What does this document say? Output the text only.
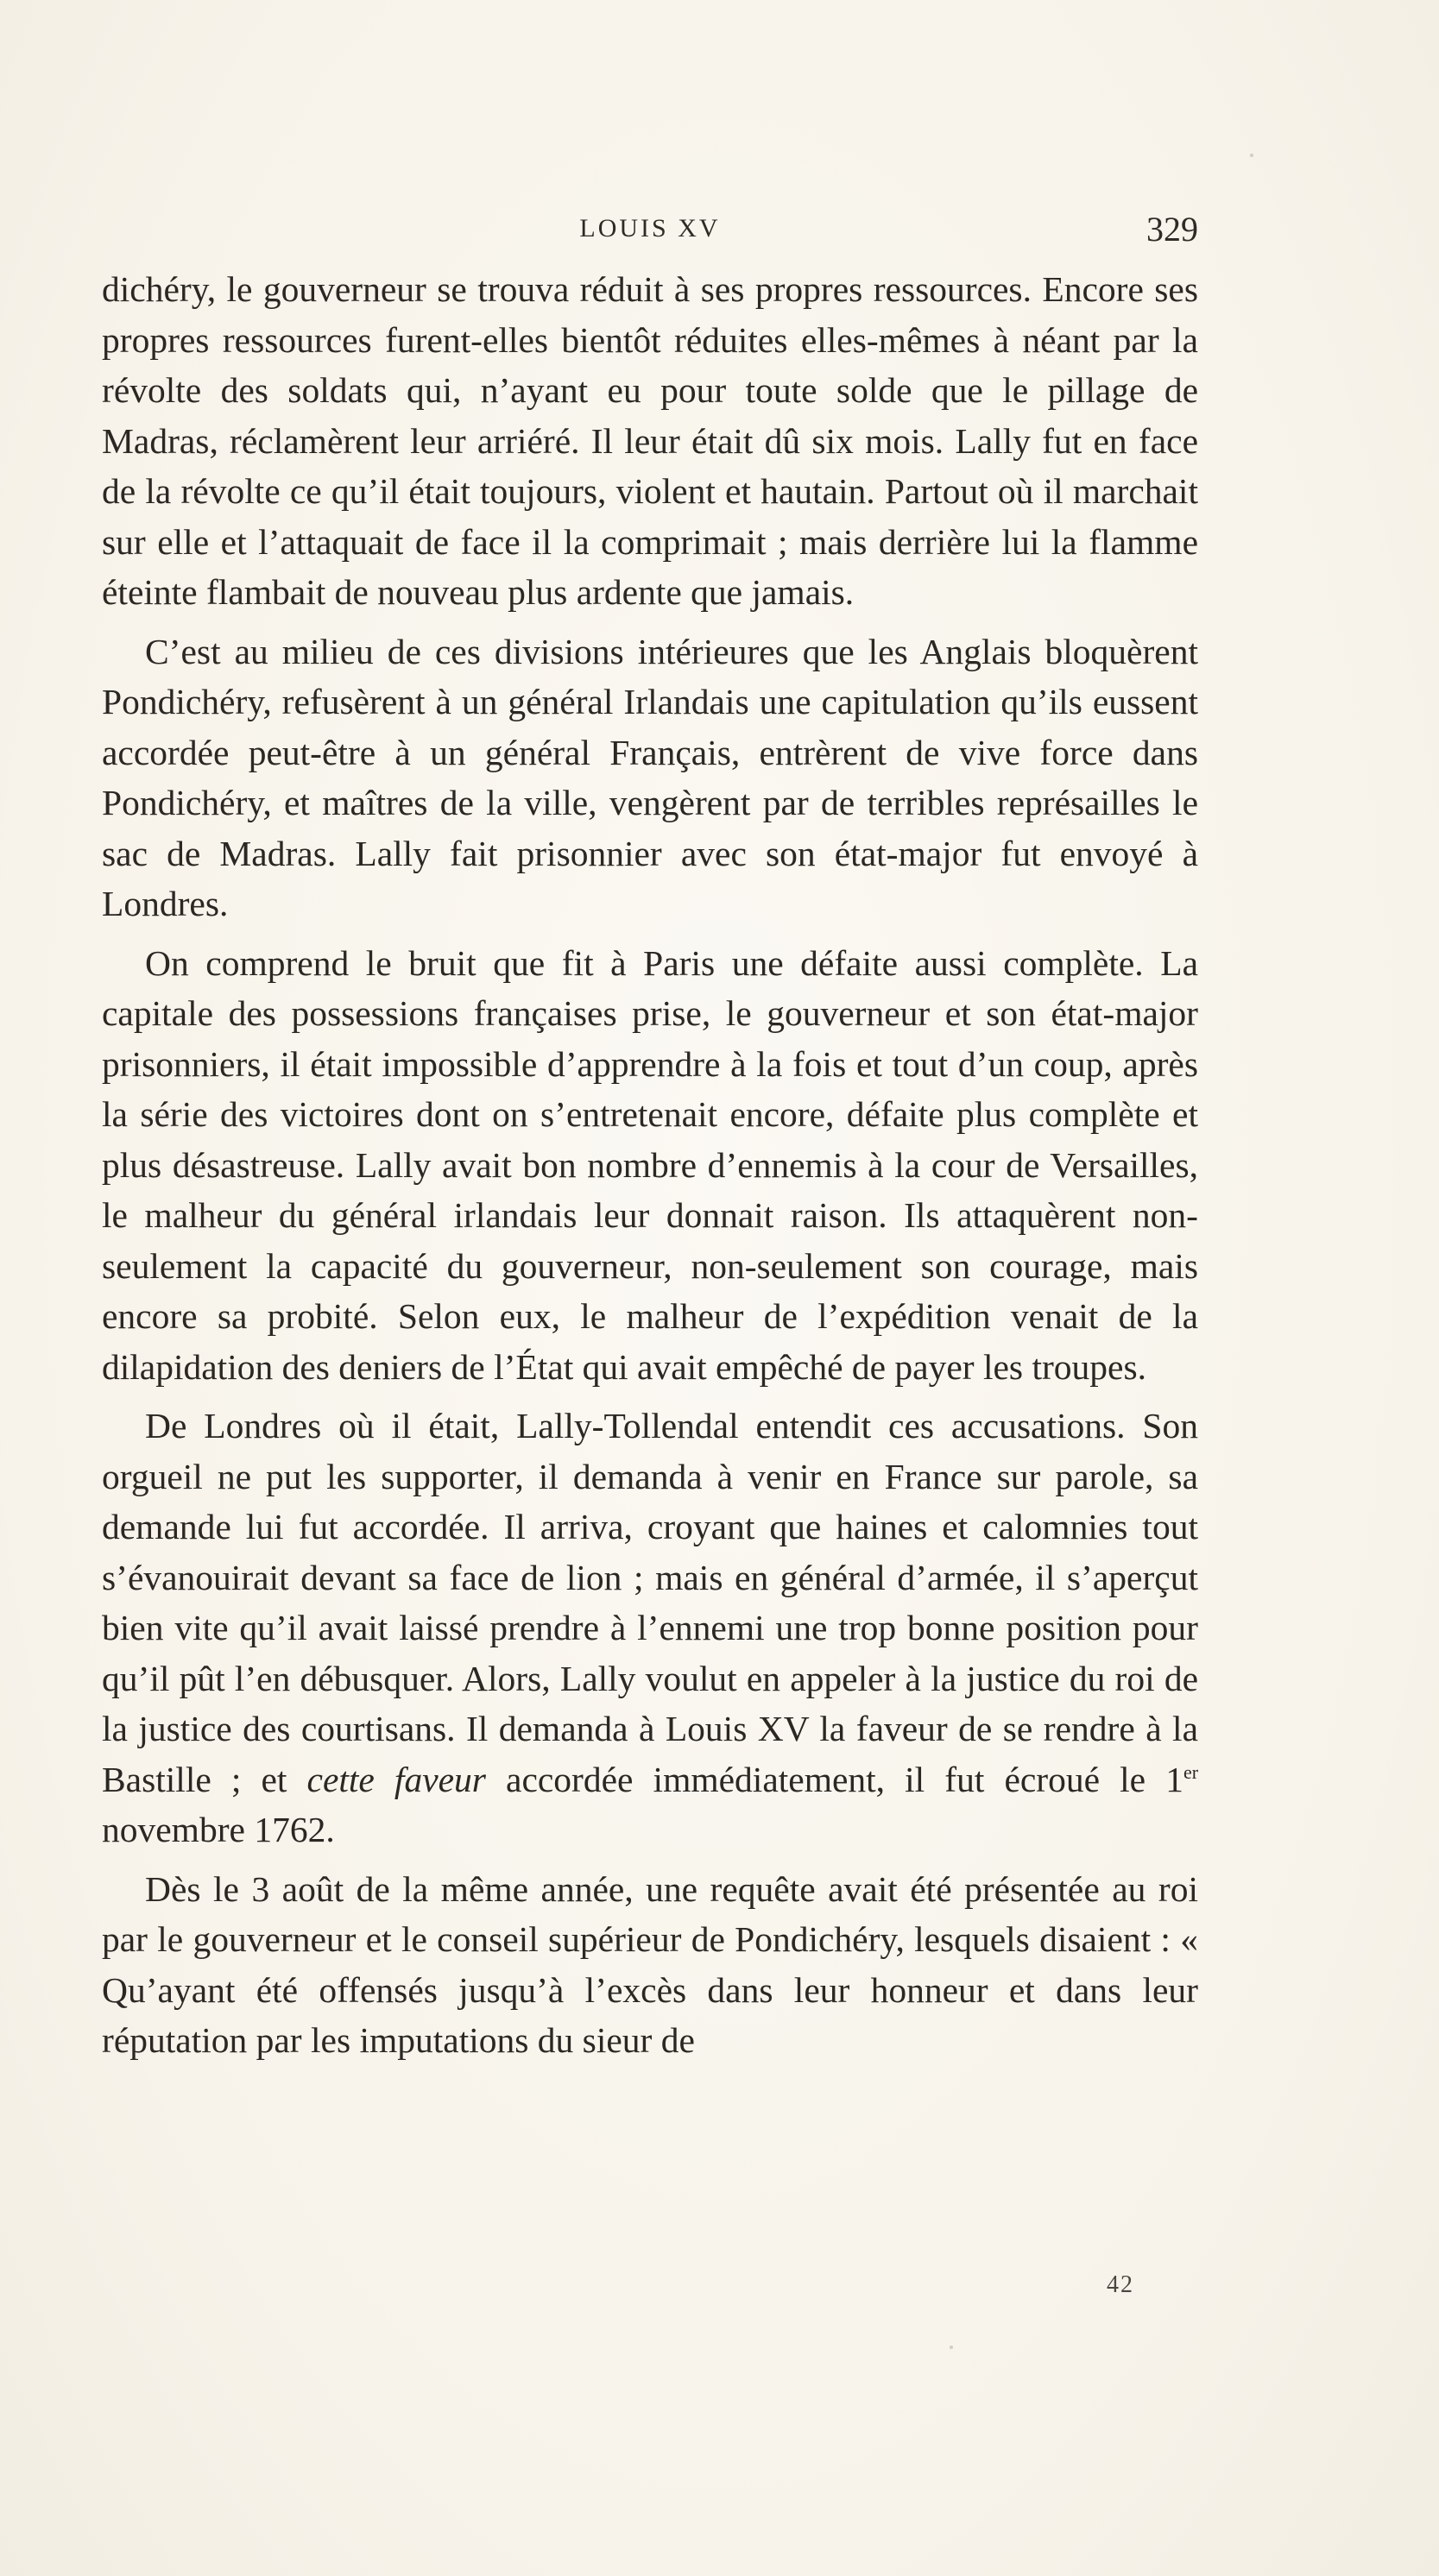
LOUIS XV	329

dichéry, le gouverneur se trouva réduit à ses propres ressources. Encore ses propres ressources furent-elles bientôt réduites elles-mêmes à néant par la révolte des soldats qui, n’ayant eu pour toute solde que le pillage de Madras, réclamèrent leur arriéré. Il leur était dû six mois. Lally fut en face de la révolte ce qu’il était toujours, violent et hautain. Partout où il marchait sur elle et l’attaquait de face il la comprimait ; mais derrière lui la flamme éteinte flambait de nouveau plus ardente que jamais.

C’est au milieu de ces divisions intérieures que les Anglais bloquèrent Pondichéry, refusèrent à un général Irlandais une capitulation qu’ils eussent accordée peut-être à un général Français, entrèrent de vive force dans Pondichéry, et maîtres de la ville, vengèrent par de terribles représailles le sac de Madras. Lally fait prisonnier avec son état-major fut envoyé à Londres.

On comprend le bruit que fit à Paris une défaite aussi complète. La capitale des possessions françaises prise, le gouverneur et son état-major prisonniers, il était impossible d’apprendre à la fois et tout d’un coup, après la série des victoires dont on s’entretenait encore, défaite plus complète et plus désastreuse. Lally avait bon nombre d’ennemis à la cour de Versailles, le malheur du général irlandais leur donnait raison. Ils attaquèrent non-seulement la capacité du gouverneur, non-seulement son courage, mais encore sa probité. Selon eux, le malheur de l’expédition venait de la dilapidation des deniers de l’État qui avait empêché de payer les troupes.

De Londres où il était, Lally-Tollendal entendit ces accusations. Son orgueil ne put les supporter, il demanda à venir en France sur parole, sa demande lui fut accordée. Il arriva, croyant que haines et calomnies tout s’évanouirait devant sa face de lion ; mais en général d’armée, il s’aperçut bien vite qu’il avait laissé prendre à l’ennemi une trop bonne position pour qu’il pût l’en débusquer. Alors, Lally voulut en appeler à la justice du roi de la justice des courtisans. Il demanda à Louis XV la faveur de se rendre à la Bastille ; et cette faveur accordée immédiatement, il fut écroué le 1er novembre 1762.

Dès le 3 août de la même année, une requête avait été présentée au roi par le gouverneur et le conseil supérieur de Pondichéry, lesquels disaient : « Qu’ayant été offensés jusqu’à l’excès dans leur honneur et dans leur réputation par les imputations du sieur de

42
